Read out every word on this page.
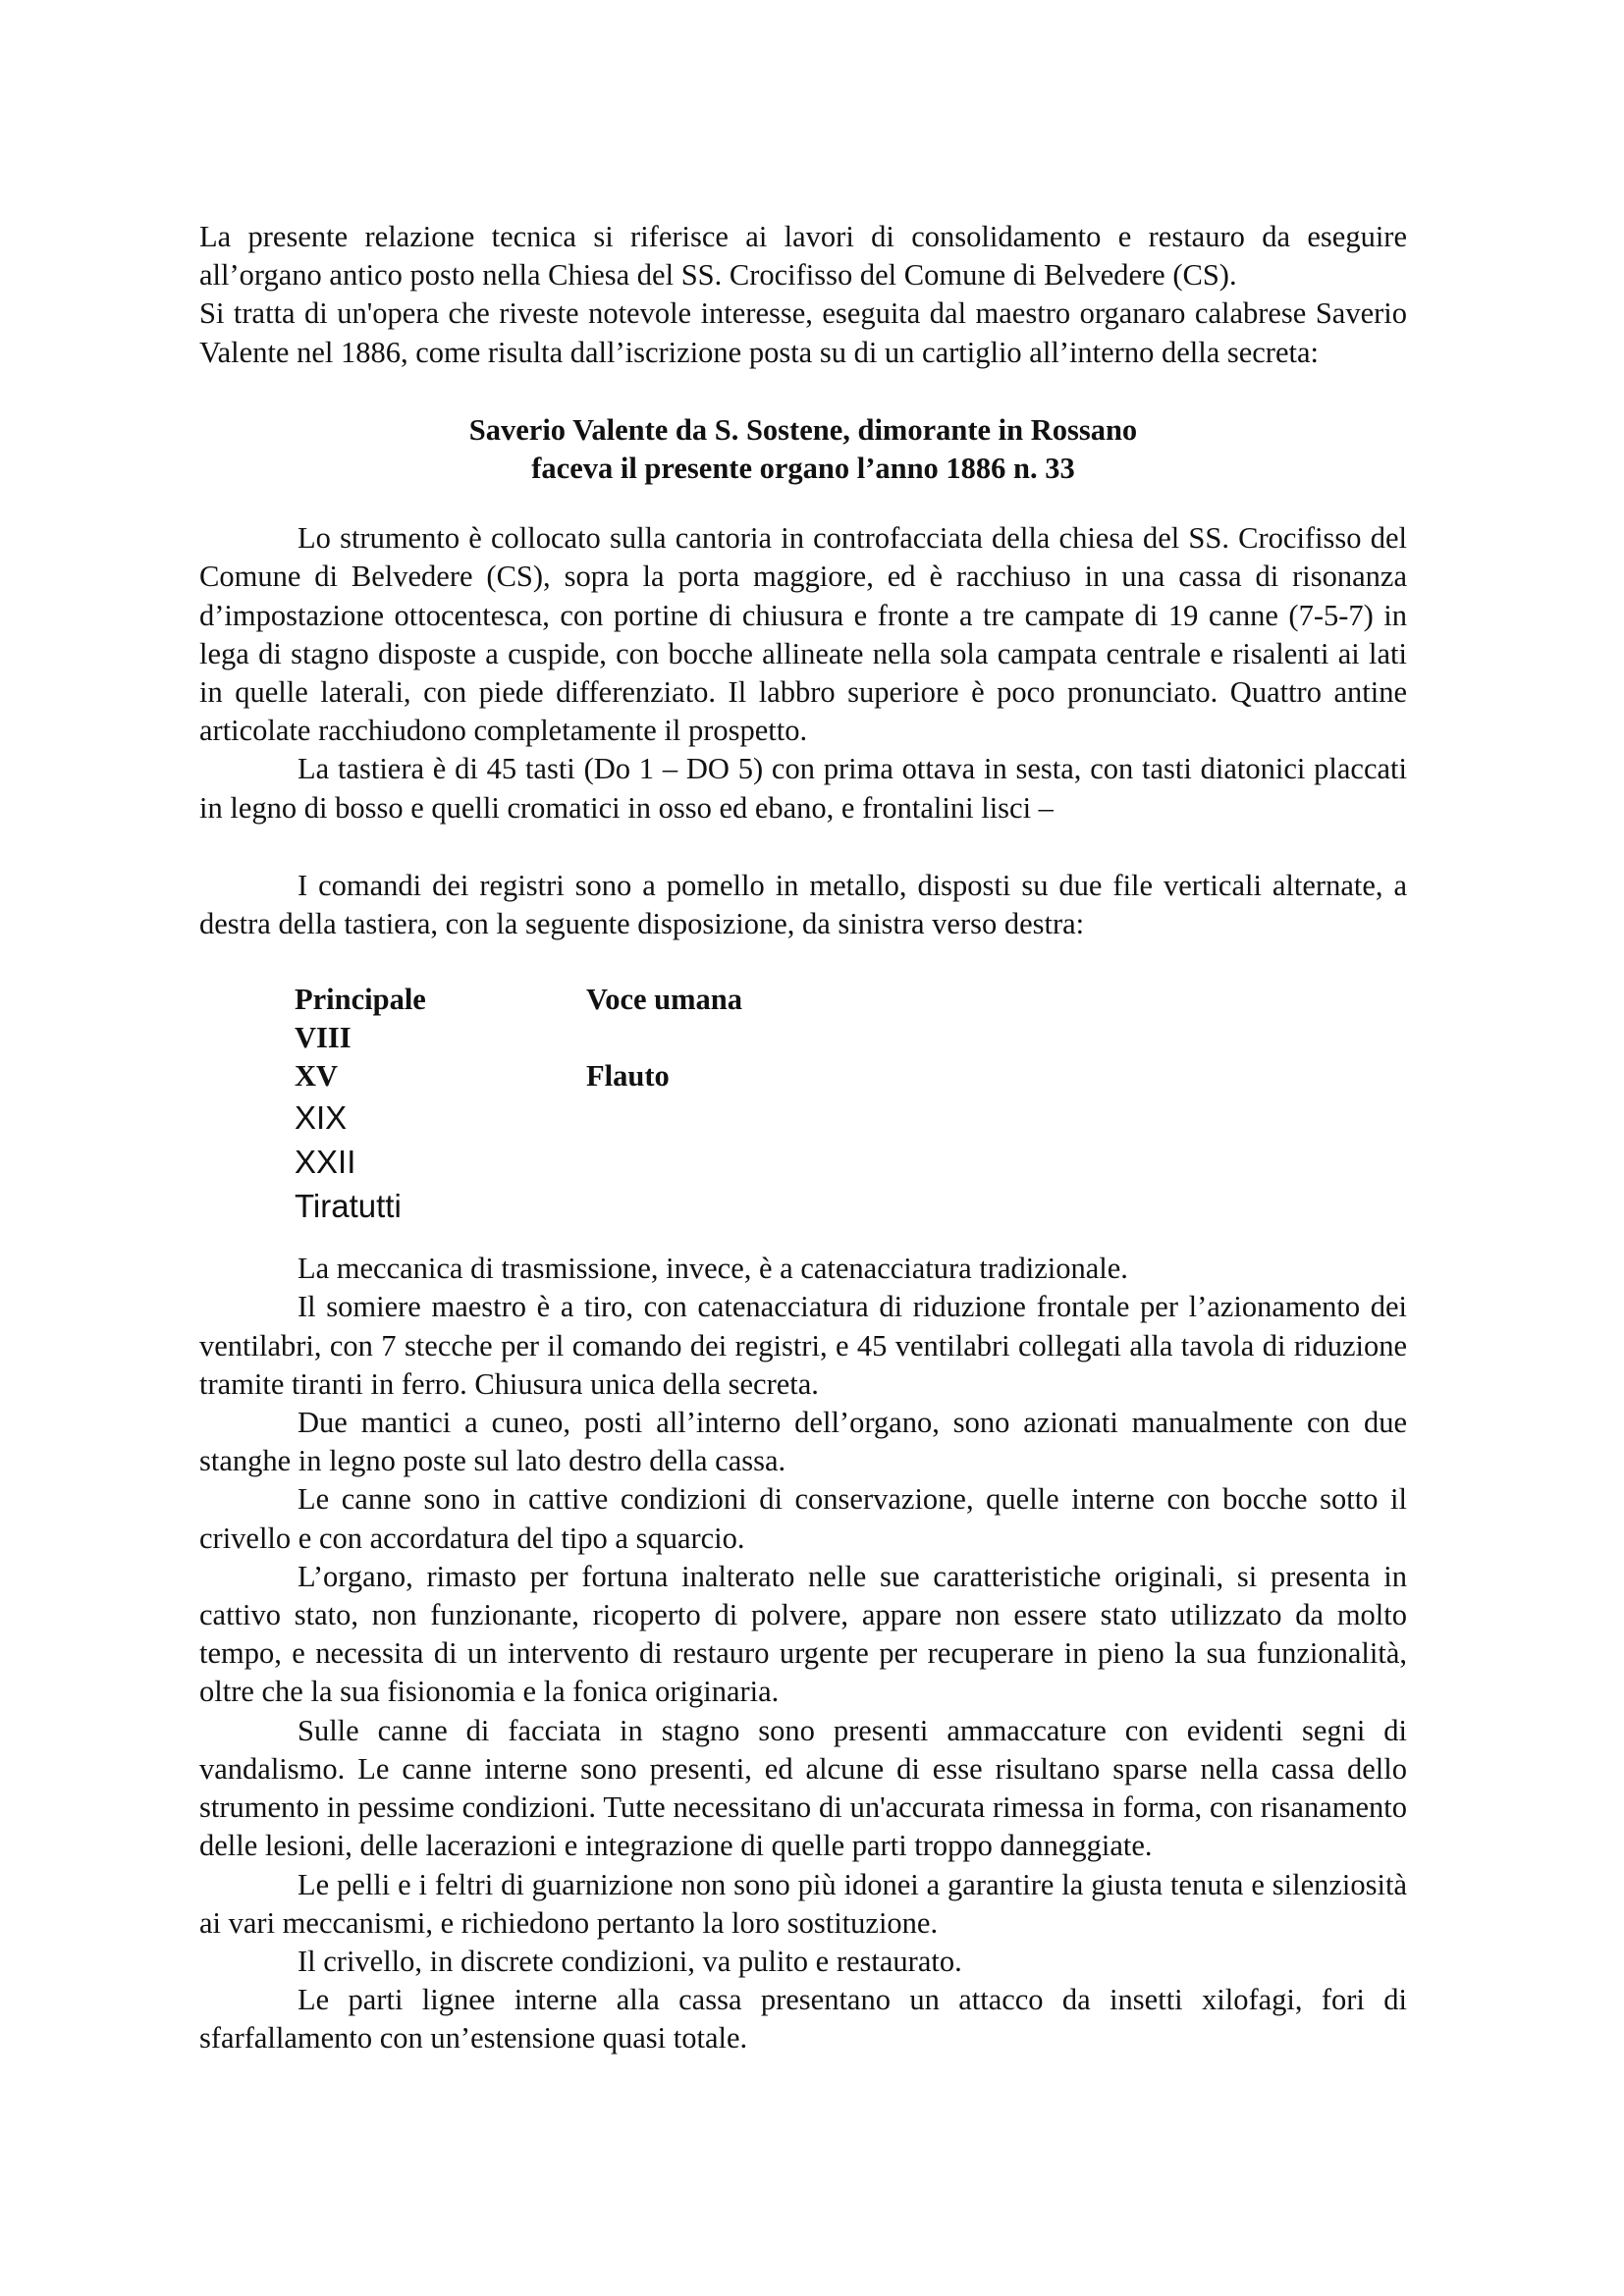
La presente relazione tecnica si riferisce ai lavori di consolidamento e restauro da eseguire all’organo antico posto nella Chiesa del SS. Crocifisso del Comune di Belvedere (CS).

Si tratta di un'opera che riveste notevole interesse, eseguita dal maestro organaro calabrese Saverio Valente nel 1886, come risulta dall’iscrizione posta su di un cartiglio all’interno della secreta:

Saverio Valente da S. Sostene, dimorante in Rossano
faceva il presente organo l’anno 1886 n. 33

Lo strumento è collocato sulla cantoria in controfacciata della chiesa del SS. Crocifisso del Comune di Belvedere (CS), sopra la porta maggiore, ed è racchiuso in una cassa di risonanza d’impostazione ottocentesca, con portine di chiusura e fronte a tre campate di 19 canne (7-5-7) in lega di stagno disposte a cuspide, con bocche allineate nella sola campata centrale e risalenti ai lati in quelle laterali, con piede differenziato. Il labbro superiore è poco pronunciato. Quattro antine articolate racchiudono completamente il prospetto.

La tastiera è di 45 tasti (Do 1 – DO 5) con prima ottava in sesta, con tasti diatonici placcati in legno di bosso e quelli cromatici in osso ed ebano, e frontalini lisci –

I comandi dei registri sono a pomello in metallo, disposti su due file verticali alternate, a destra della tastiera, con la seguente disposizione, da sinistra verso destra:

Principale
VIII
XV
XIX
XXII
Tiratutti
Voce umana
Flauto

La meccanica di trasmissione, invece, è a catenacciatura tradizionale.

Il somiere maestro è a tiro, con catenacciatura di riduzione frontale per l’azionamento dei ventilabri, con 7 stecche per il comando dei registri, e 45 ventilabri collegati alla tavola di riduzione tramite tiranti in ferro. Chiusura unica della secreta.

Due mantici a cuneo, posti all’interno dell’organo, sono azionati manualmente con due stanghe in legno poste sul lato destro della cassa.

Le canne sono in cattive condizioni di conservazione, quelle interne con bocche sotto il crivello e con accordatura del tipo a squarcio.

L’organo, rimasto per fortuna inalterato nelle sue caratteristiche originali, si presenta in cattivo stato, non funzionante, ricoperto di polvere, appare non essere stato utilizzato da molto tempo, e necessita di un intervento di restauro urgente per recuperare in pieno la sua funzionalità, oltre che la sua fisionomia e la fonica originaria.

Sulle canne di facciata in stagno sono presenti ammaccature con evidenti segni di vandalismo. Le canne interne sono presenti, ed alcune di esse risultano sparse nella cassa dello strumento in pessime condizioni. Tutte necessitano di un'accurata rimessa in forma, con risanamento delle lesioni, delle lacerazioni e integrazione di quelle parti troppo danneggiate.

Le pelli e i feltri di guarnizione non sono più idonei a garantire la giusta tenuta e silenziosità ai vari meccanismi, e richiedono pertanto la loro sostituzione.

Il crivello, in discrete condizioni, va pulito e restaurato.

Le parti lignee interne alla cassa presentano un attacco da insetti xilofagi, fori di sfarfallamento con un’estensione quasi totale.
